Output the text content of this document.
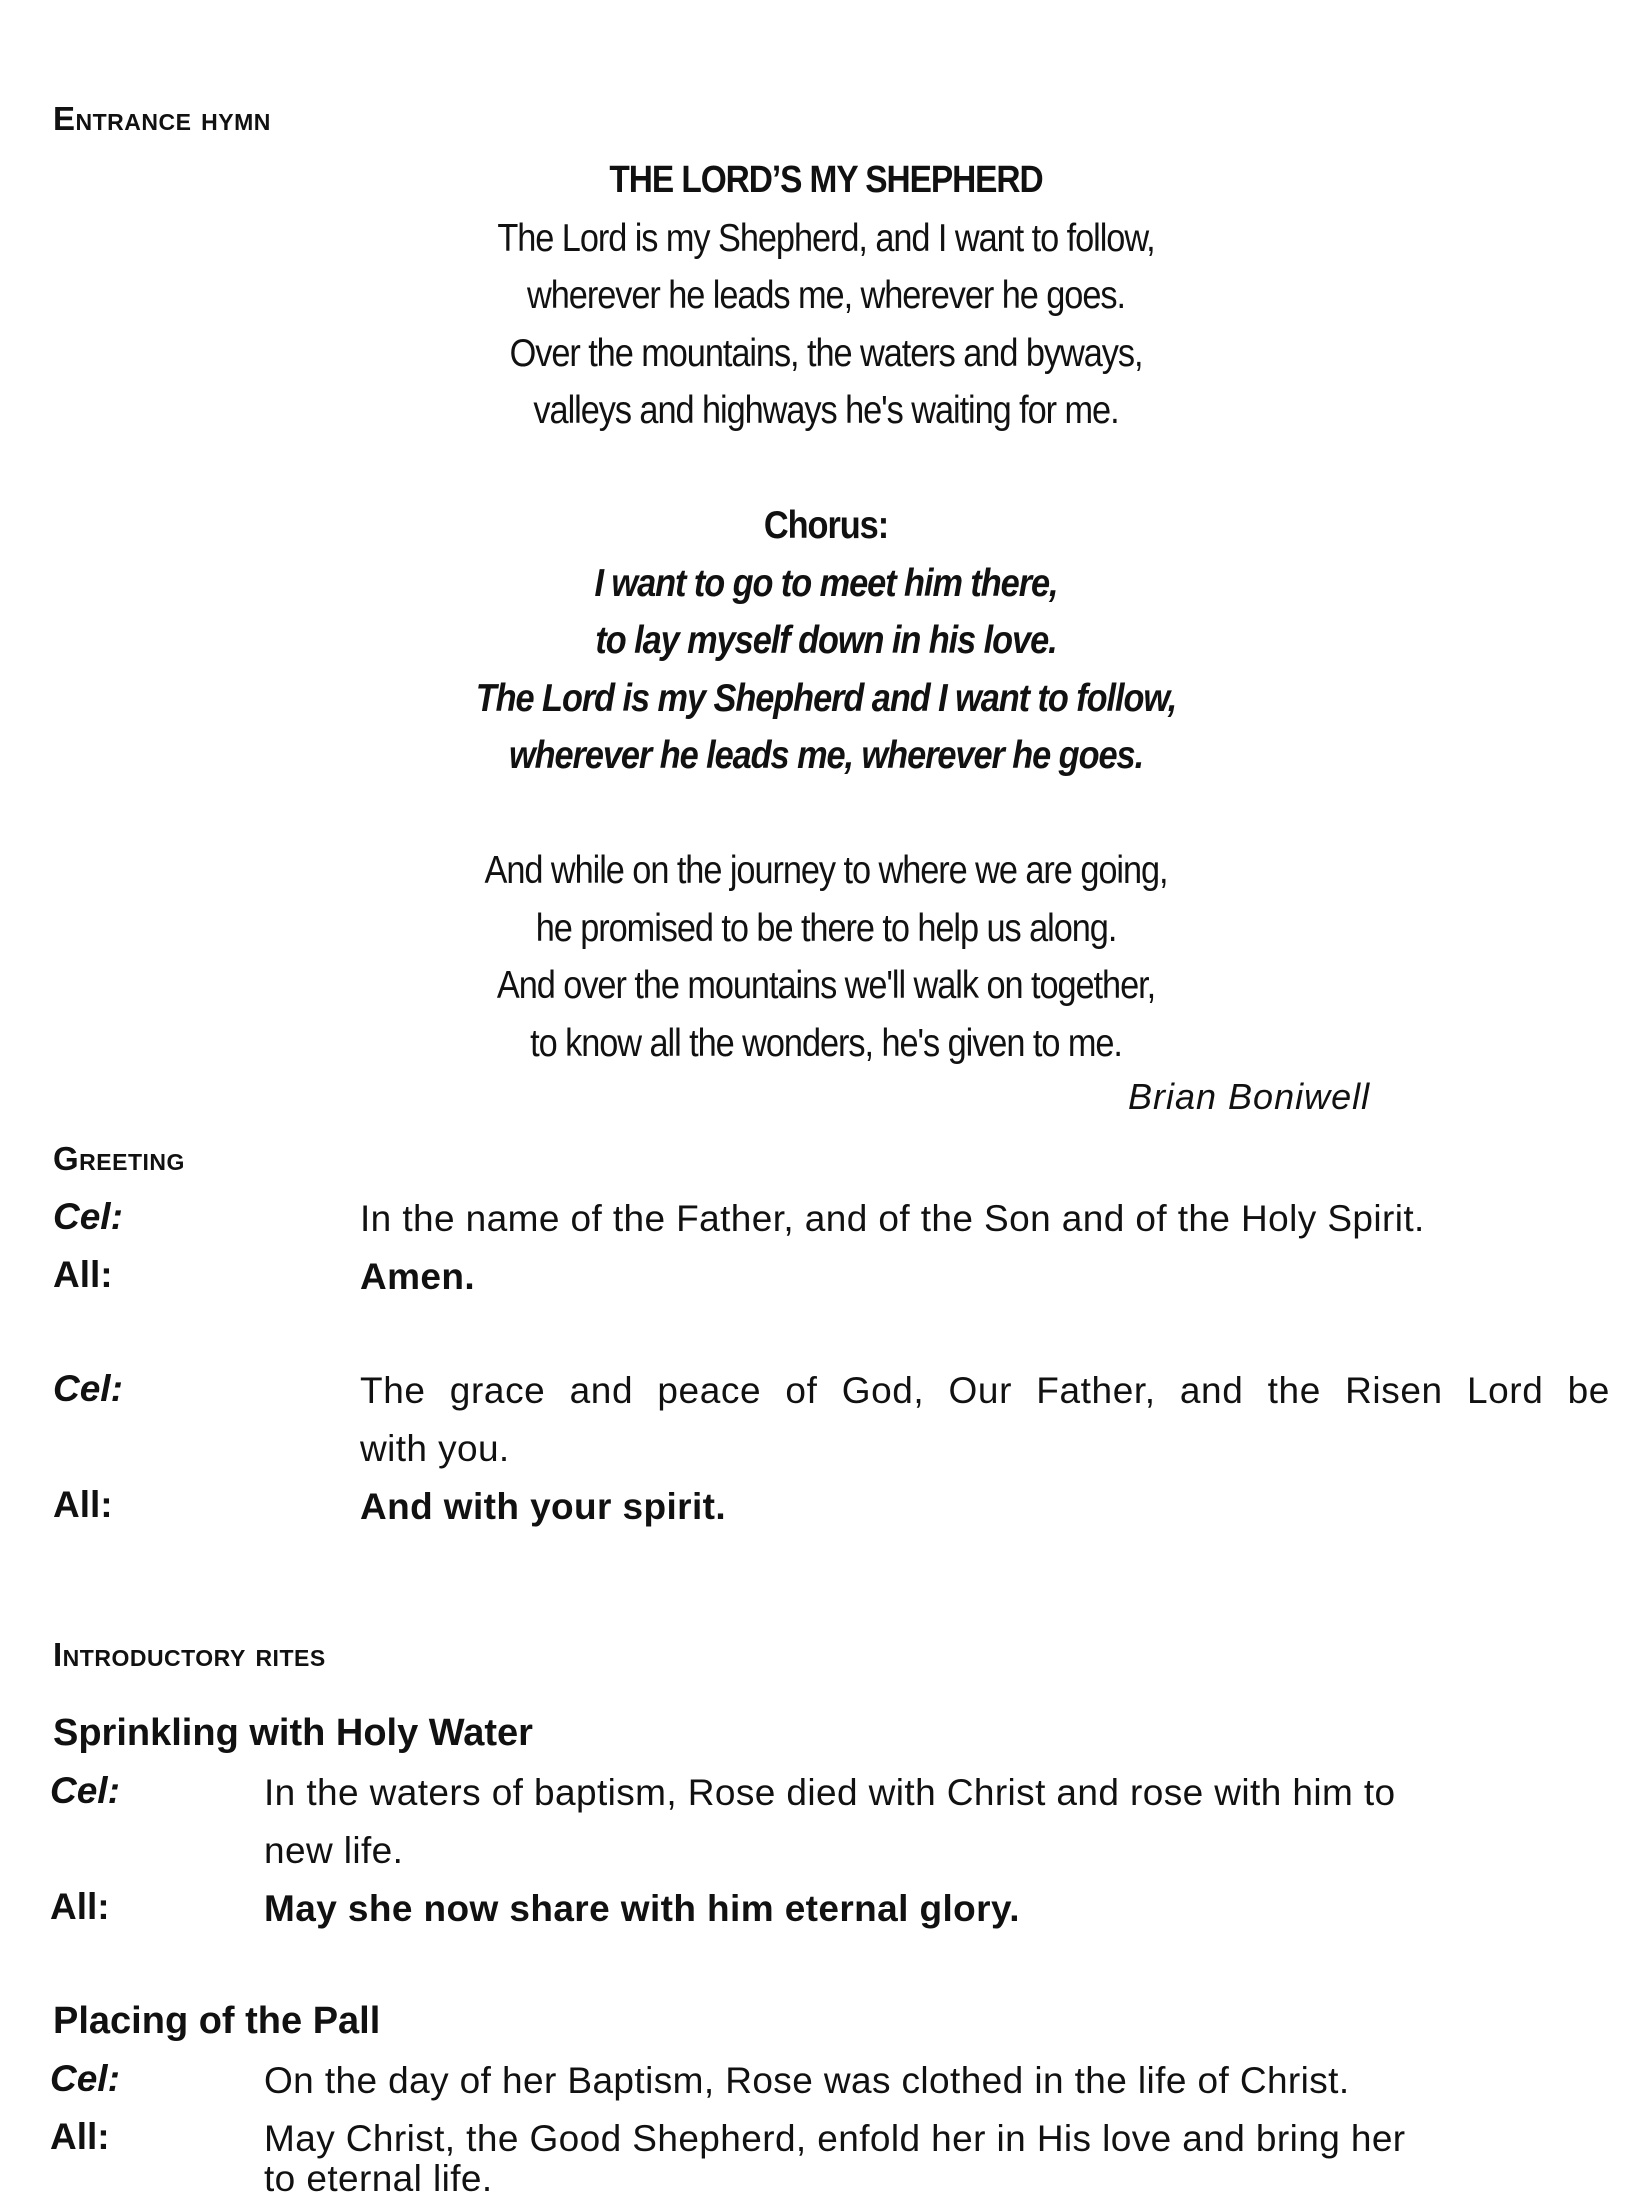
Entrance hymn
THE LORD’S MY SHEPHERD
The Lord is my Shepherd, and I want to follow,
wherever he leads me, wherever he goes.
Over the mountains, the waters and byways,
valleys and highways he's waiting for me.
Chorus:
I want to go to meet him there,
to lay myself down in his love.
The Lord is my Shepherd and I want to follow,
wherever he leads me, wherever he goes.
And while on the journey to where we are going,
he promised to be there to help us along.
And over the mountains we'll walk on together,
to know all the wonders, he's given to me.
Brian Boniwell
Greeting
Cel:	In the name of the Father, and of the Son and of the Holy Spirit.
All:	Amen.
Cel:	The grace and peace of God, Our Father, and the Risen Lord be
with you.
All:	And with your spirit.
Introductory rites
Sprinkling with Holy Water
Cel:	In the waters of baptism, Rose died with Christ and rose with him to
new life.
All:	May she now share with him eternal glory.
Placing of the Pall
Cel:	On the day of her Baptism, Rose was clothed in the life of Christ.
All:	May Christ, the Good Shepherd, enfold her in His love and bring her
to eternal life.
